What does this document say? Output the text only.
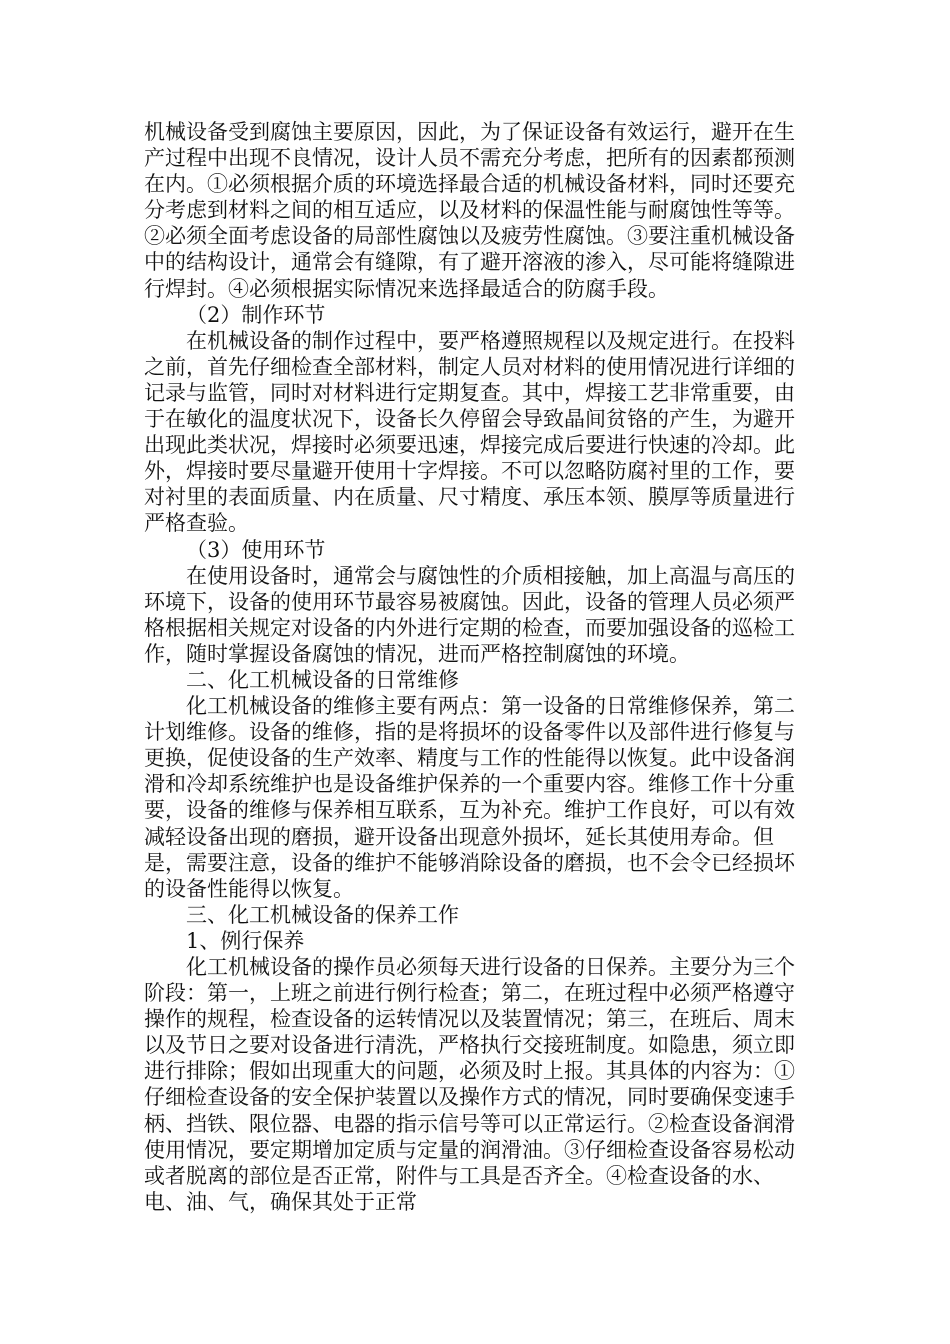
机械设备受到腐蚀主要原因，因此，为了保证设备有效运行，避开在生产过程中出现不良情况，设计人员不需充分考虑，把所有的因素都预测在内。①必须根据介质的环境选择最合适的机械设备材料，同时还要充分考虑到材料之间的相互适应，以及材料的保温性能与耐腐蚀性等等。②必须全面考虑设备的局部性腐蚀以及疲劳性腐蚀。③要注重机械设备中的结构设计，通常会有缝隙，有了避开溶液的渗入，尽可能将缝隙进行焊封。④必须根据实际情况来选择最适合的防腐手段。

（2）制作环节

在机械设备的制作过程中，要严格遵照规程以及规定进行。在投料之前，首先仔细检查全部材料，制定人员对材料的使用情况进行详细的记录与监管，同时对材料进行定期复查。其中，焊接工艺非常重要，由于在敏化的温度状况下，设备长久停留会导致晶间贫铬的产生，为避开出现此类状况，焊接时必须要迅速，焊接完成后要进行快速的冷却。此外，焊接时要尽量避开使用十字焊接。不可以忽略防腐衬里的工作，要对衬里的表面质量、内在质量、尺寸精度、承压本领、膜厚等质量进行严格查验。

（3）使用环节

在使用设备时，通常会与腐蚀性的介质相接触，加上高温与高压的环境下，设备的使用环节最容易被腐蚀。因此，设备的管理人员必须严格根据相关规定对设备的内外进行定期的检查，而要加强设备的巡检工作，随时掌握设备腐蚀的情况，进而严格控制腐蚀的环境。

二、化工机械设备的日常维修

化工机械设备的维修主要有两点：第一设备的日常维修保养，第二计划维修。设备的维修，指的是将损坏的设备零件以及部件进行修复与更换，促使设备的生产效率、精度与工作的性能得以恢复。此中设备润滑和冷却系统维护也是设备维护保养的一个重要内容。维修工作十分重要，设备的维修与保养相互联系，互为补充。维护工作良好，可以有效减轻设备出现的磨损，避开设备出现意外损坏，延长其使用寿命。但是，需要注意，设备的维护不能够消除设备的磨损，也不会令已经损坏的设备性能得以恢复。

三、化工机械设备的保养工作

1、例行保养

化工机械设备的操作员必须每天进行设备的日保养。主要分为三个阶段：第一，上班之前进行例行检查；第二，在班过程中必须严格遵守操作的规程，检查设备的运转情况以及装置情况；第三，在班后、周末以及节日之要对设备进行清洗，严格执行交接班制度。如隐患，须立即进行排除；假如出现重大的问题，必须及时上报。其具体的内容为：①仔细检查设备的安全保护装置以及操作方式的情况，同时要确保变速手柄、挡铁、限位器、电器的指示信号等可以正常运行。②检查设备润滑使用情况，要定期增加定质与定量的润滑油。③仔细检查设备容易松动或者脱离的部位是否正常，附件与工具是否齐全。④检查设备的水、电、油、气，确保其处于正常
